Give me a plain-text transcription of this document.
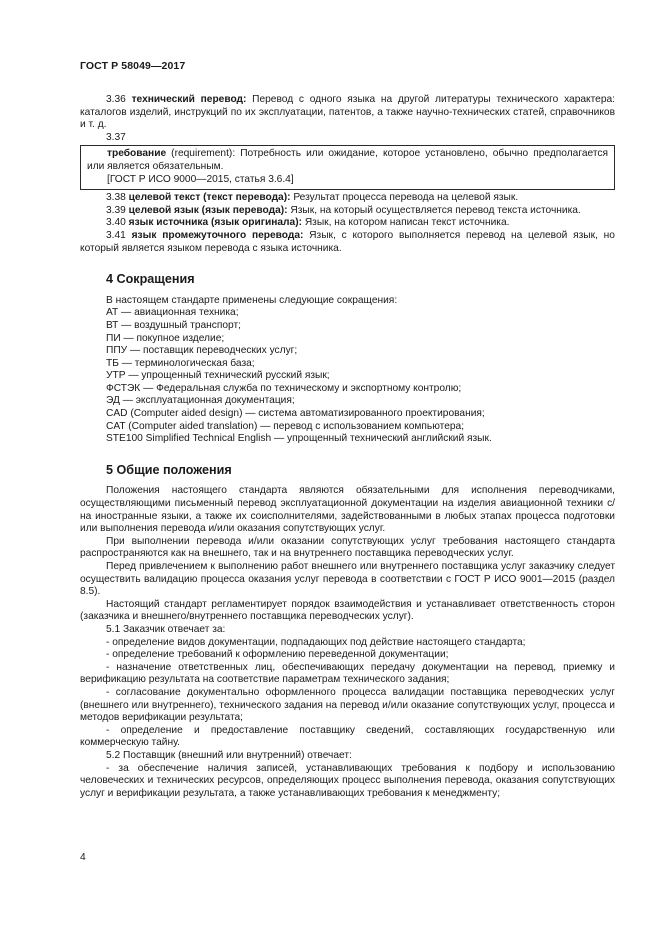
ГОСТ Р 58049—2017

3.36 технический перевод: Перевод с одного языка на другой литературы технического характера: каталогов изделий, инструкций по их эксплуатации, патентов, а также научно-технических статей, справочников и т. д.

3.37

требование (requirement): Потребность или ожидание, которое установлено, обычно предполагается или является обязательным.

[ГОСТ Р ИСО 9000—2015, статья 3.6.4]

3.38 целевой текст (текст перевода): Результат процесса перевода на целевой язык.

3.39 целевой язык (язык перевода): Язык, на который осуществляется перевод текста источника.

3.40 язык источника (язык оригинала): Язык, на котором написан текст источника.

3.41 язык промежуточного перевода: Язык, с которого выполняется перевод на целевой язык, но который является языком перевода с языка источника.

4 Сокращения

В настоящем стандарте применены следующие сокращения:

АТ — авиационная техника;

ВТ — воздушный транспорт;

ПИ — покупное изделие;

ППУ — поставщик переводческих услуг;

ТБ — терминологическая база;

УТР — упрощенный технический русский язык;

ФСТЭК — Федеральная служба по техническому и экспортному контролю;

ЭД — эксплуатационная документация;

CAD (Computer aided design) — система автоматизированного проектирования;

CAT (Computer aided translation) — перевод с использованием компьютера;

STE100 Simplified Technical English — упрощенный технический английский язык.

5 Общие положения

Положения настоящего стандарта являются обязательными для исполнения переводчиками, осуществляющими письменный перевод эксплуатационной документации на изделия авиационной техники с/на иностранные языки, а также их соисполнителями, задействованными в любых этапах процесса подготовки или выполнения перевода и/или оказания сопутствующих услуг.

При выполнении перевода и/или оказании сопутствующих услуг требования настоящего стандарта распространяются как на внешнего, так и на внутреннего поставщика переводческих услуг.

Перед привлечением к выполнению работ внешнего или внутреннего поставщика услуг заказчику следует осуществить валидацию процесса оказания услуг перевода в соответствии с ГОСТ Р ИСО 9001—2015 (раздел 8.5).

Настоящий стандарт регламентирует порядок взаимодействия и устанавливает ответственность сторон (заказчика и внешнего/внутреннего поставщика переводческих услуг).

5.1 Заказчик отвечает за:

- определение видов документации, подпадающих под действие настоящего стандарта;

- определение требований к оформлению переведенной документации;

- назначение ответственных лиц, обеспечивающих передачу документации на перевод, приемку и верификацию результата на соответствие параметрам технического задания;

- согласование документально оформленного процесса валидации поставщика переводческих услуг (внешнего или внутреннего), технического задания на перевод и/или оказание сопутствующих услуг, процесса и методов верификации результата;

- определение и предоставление поставщику сведений, составляющих государственную или коммерческую тайну.

5.2 Поставщик (внешний или внутренний) отвечает:

- за обеспечение наличия записей, устанавливающих требования к подбору и использованию человеческих и технических ресурсов, определяющих процесс выполнения перевода, оказания сопутствующих услуг и верификации результата, а также устанавливающих требования к менеджменту;

4
